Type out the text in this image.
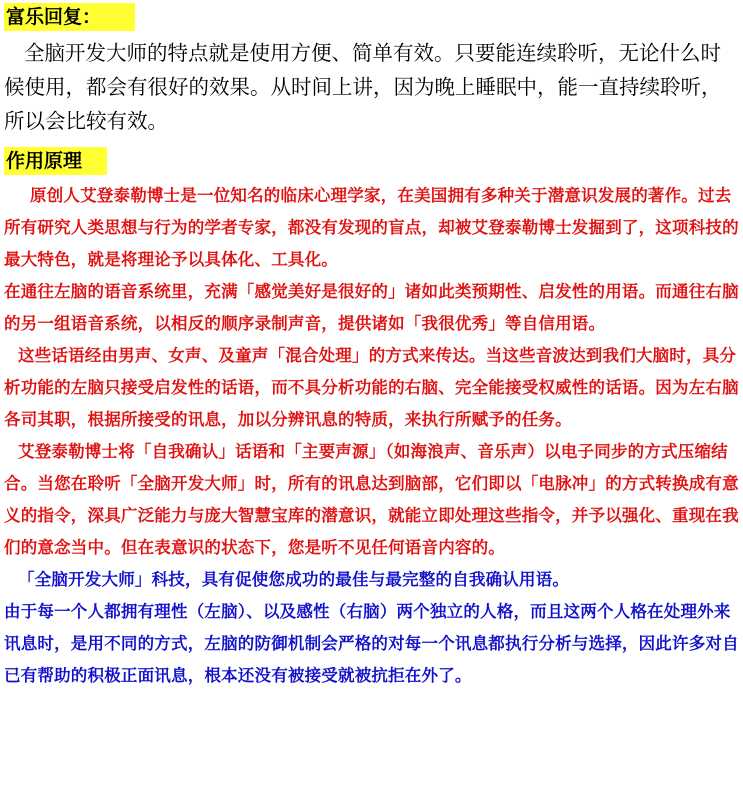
富乐回复：

全脑开发大师的特点就是使用方便、简单有效。只要能连续聆听，无论什么时候使用，都会有很好的效果。从时间上讲，因为晚上睡眠中，能一直持续聆听，所以会比较有效。

作用原理

原创人艾登泰勒博士是一位知名的临床心理学家，在美国拥有多种关于潜意识发展的著作。过去所有研究人类思想与行为的学者专家，都没有发现的盲点，却被艾登泰勒博士发掘到了，这项科技的最大特色，就是将理论予以具体化、工具化。

在通往左脑的语音系统里，充满「感觉美好是很好的」诸如此类预期性、启发性的用语。而通往右脑的另一组语音系统，以相反的顺序录制声音，提供诸如「我很优秀」等自信用语。

这些话语经由男声、女声、及童声「混合处理」的方式来传达。当这些音波达到我们大脑时，具分析功能的左脑只接受启发性的话语，而不具分析功能的右脑、完全能接受权威性的话语。因为左右脑各司其职，根据所接受的讯息，加以分辨讯息的特质，来执行所赋予的任务。

艾登泰勒博士将「自我确认」话语和「主要声源」（如海浪声、音乐声）以电子同步的方式压缩结合。当您在聆听「全脑开发大师」时，所有的讯息达到脑部，它们即以「电脉冲」的方式转换成有意义的指令，深具广泛能力与庞大智慧宝库的潜意识，就能立即处理这些指令，并予以强化、重现在我们的意念当中。但在表意识的状态下，您是听不见任何语音内容的。

「全脑开发大师」科技，具有促使您成功的最佳与最完整的自我确认用语。

由于每一个人都拥有理性（左脑）、以及感性（右脑）两个独立的人格，而且这两个人格在处理外来讯息时，是用不同的方式，左脑的防御机制会严格的对每一个讯息都执行分析与选择，因此许多对自已有帮助的积极正面讯息，根本还没有被接受就被抗拒在外了。
